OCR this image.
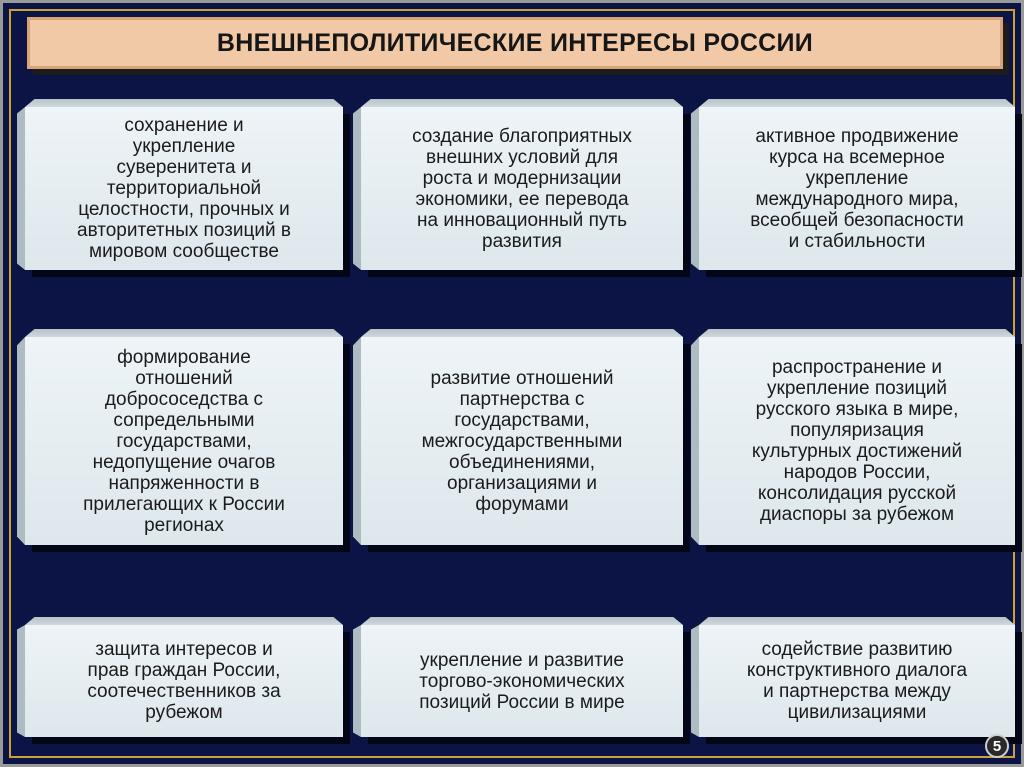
ВНЕШНЕПОЛИТИЧЕСКИЕ ИНТЕРЕСЫ РОССИИ
сохранение и
укрепление
суверенитета и
территориальной
целостности, прочных и
авторитетных позиций в
мировом сообществе
создание благоприятных
внешних условий для
роста и модернизации
экономики, ее перевода
на инновационный путь
развития
активное продвижение
курса на всемерное
укрепление
международного мира,
всеобщей безопасности
и стабильности
формирование
отношений
добрососедства с
сопредельными
государствами,
недопущение очагов
напряженности в
прилегающих к России
регионах
развитие отношений
партнерства с
государствами,
межгосударственными
объединениями,
организациями и
форумами
распространение и
укрепление позиций
русского языка в мире,
популяризация
культурных достижений
народов России,
консолидация русской
диаспоры за рубежом
защита интересов и
прав граждан России,
соотечественников за
рубежом
укрепление и развитие
торгово-экономических
позиций России в мире
содействие развитию
конструктивного диалога
и партнерства между
цивилизациями
5
